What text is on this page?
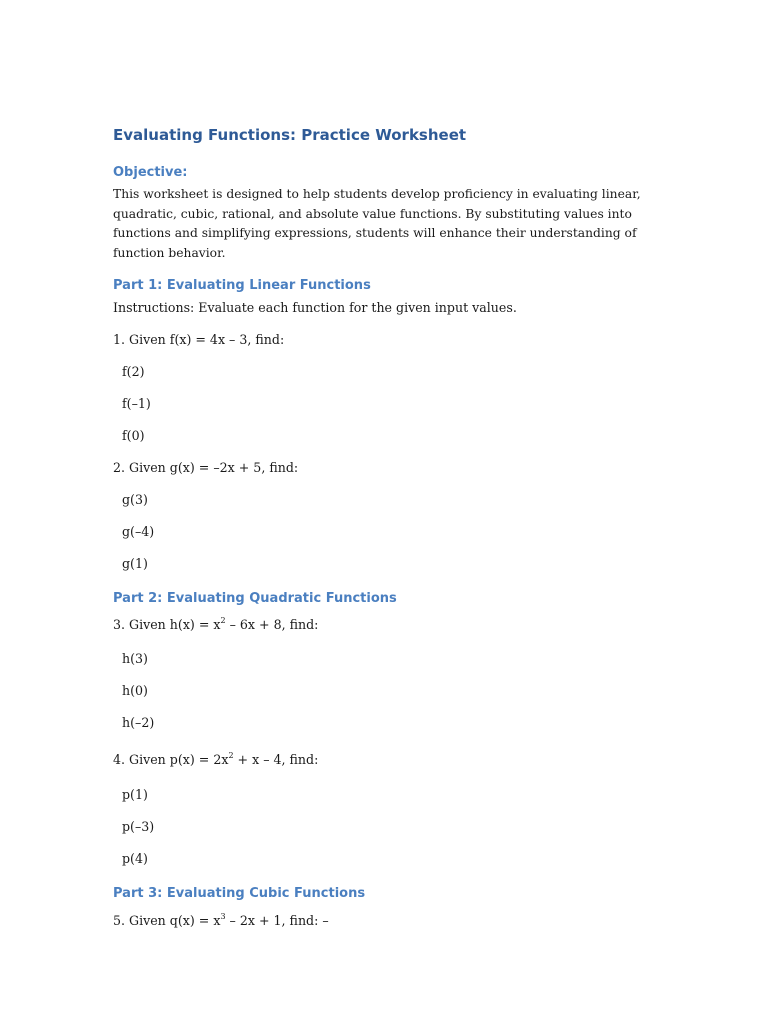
Evaluating Functions: Practice Worksheet
Objective:
This worksheet is designed to help students develop proficiency in evaluating linear, quadratic, cubic, rational, and absolute value functions. By substituting values into functions and simplifying expressions, students will enhance their understanding of function behavior.
Part 1: Evaluating Linear Functions
Instructions: Evaluate each function for the given input values.
1. Given f(x) = 4x – 3, find:
f(2)
f(–1)
f(0)
2. Given g(x) = –2x + 5, find:
g(3)
g(–4)
g(1)
Part 2: Evaluating Quadratic Functions
3. Given $h(x) = x^2 - 6x + 8$, find:
h(3)
h(0)
h(–2)
4. Given $p(x) = 2x^2 + x - 4$, find:
p(1)
p(–3)
p(4)
Part 3: Evaluating Cubic Functions
5. Given $q(x) = x^3 - 2x + 1$, find: –
